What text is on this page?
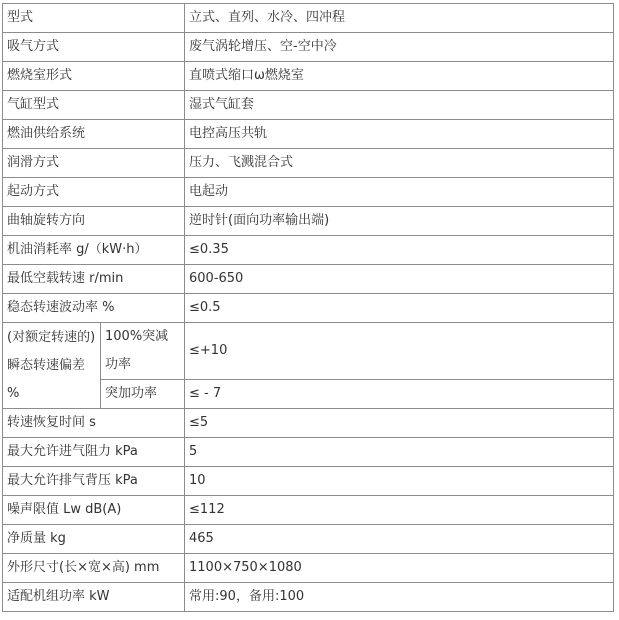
型式		立式、直列、水冷、四冲程
吸气方式		废气涡轮增压、空-空中冷
燃烧室形式		直喷式缩口ω燃烧室
气缸型式		湿式气缸套
燃油供给系统		电控高压共轨
润滑方式		压力、飞溅混合式
起动方式		电起动
曲轴旋转方向		逆时针(面向功率输出端)
机油消耗率 g/（kW·h）		≤0.35
最低空载转速 r/min		600-650
稳态转速波动率 %		≤0.5
(对额定转速的)瞬态转速偏差 %	100%突减功率	≤+10
	突加功率	≤ - 7
转速恢复时间 s		≤5
最大允许进气阻力 kPa		5
最大允许排气背压 kPa		10
噪声限值 Lw dB(A)		≤112
净质量 kg		465
外形尺寸(长×宽×高) mm		1100×750×1080
适配机组功率 kW		常用:90，备用:100
